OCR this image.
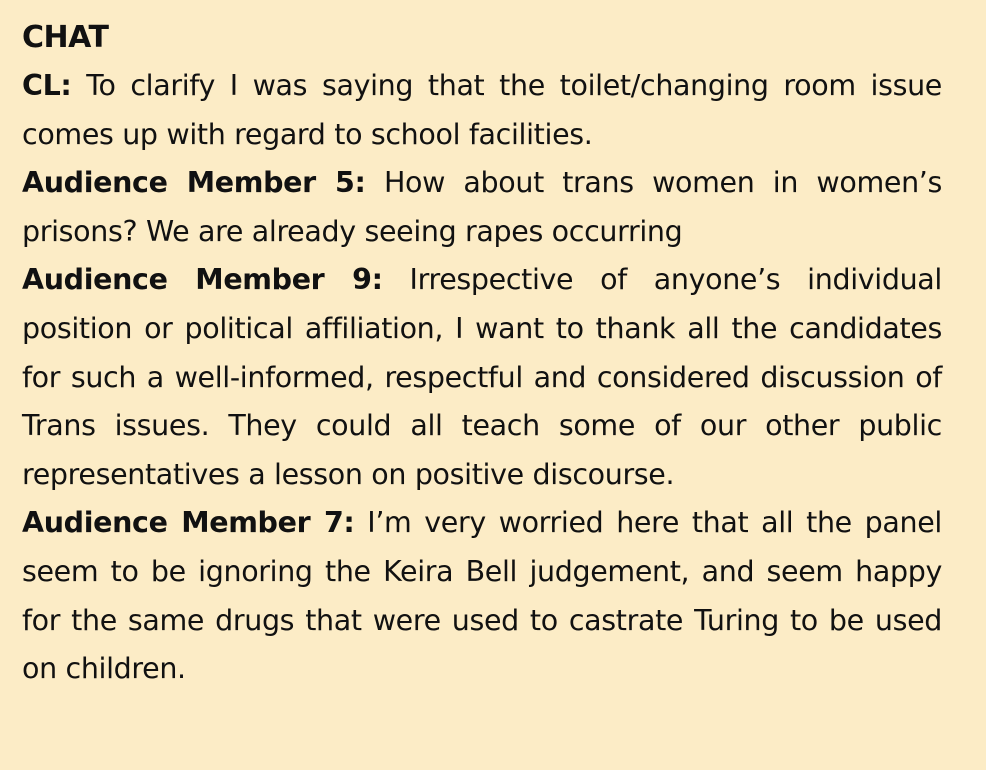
CHAT

CL: To clarify I was saying that the toilet/changing room issue comes up with regard to school facilities.

Audience Member 5: How about trans women in women’s prisons? We are already seeing rapes occurring

Audience Member 9: Irrespective of anyone’s individual position or political affiliation, I want to thank all the candidates for such a well-informed, respectful and considered discussion of Trans issues. They could all teach some of our other public representatives a lesson on positive discourse.

Audience Member 7: I’m very worried here that all the panel seem to be ignoring the Keira Bell judgement, and seem happy for the same drugs that were used to castrate Turing to be used on children.
